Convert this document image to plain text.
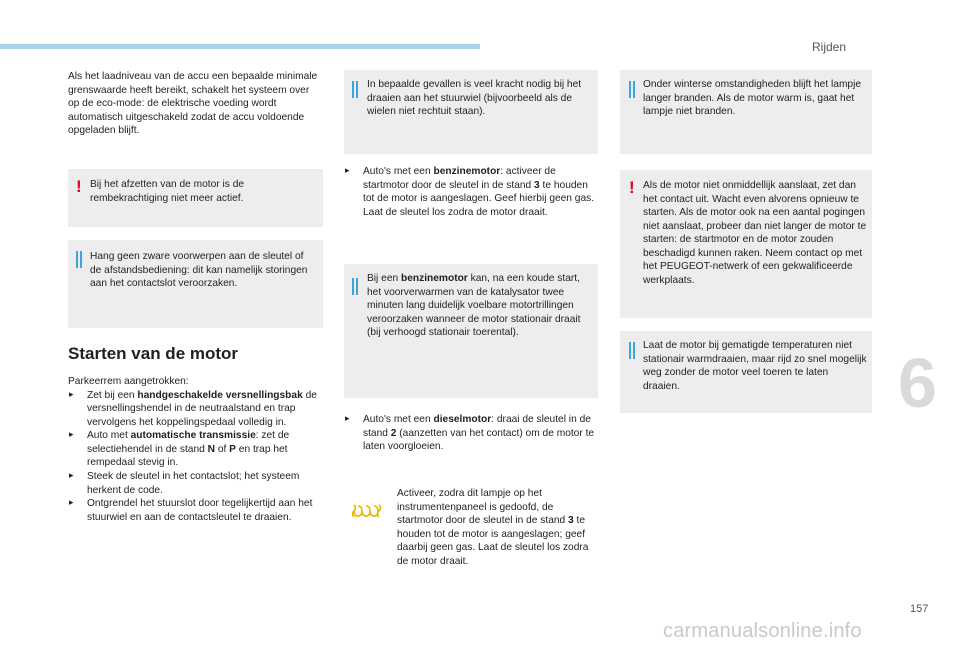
Rijden
6
157
carmanualsonline.info
Als het laadniveau van de accu een bepaalde minimale grenswaarde heeft bereikt, schakelt het systeem over op de eco-mode: de elektrische voeding wordt automatisch uitgeschakeld zodat de accu voldoende opgeladen blijft.
! Bij het afzetten van de motor is de rembekrachtiging niet meer actief.
Hang geen zware voorwerpen aan de sleutel of de afstandsbediening: dit kan namelijk storingen aan het contactslot veroorzaken.
Starten van de motor
Parkeerrem aangetrokken:
▸ Zet bij een handgeschakelde versnellingsbak de versnellingshendel in de neutraalstand en trap vervolgens het koppelingspedaal volledig in.
▸ Auto met automatische transmissie: zet de selectiehendel in de stand N of P en trap het rempedaal stevig in.
▸ Steek de sleutel in het contactslot; het systeem herkent de code.
▸ Ontgrendel het stuurslot door tegelijkertijd aan het stuurwiel en aan de contactsleutel te draaien.
In bepaalde gevallen is veel kracht nodig bij het draaien aan het stuurwiel (bijvoorbeeld als de wielen niet rechtuit staan).
▸ Auto's met een benzinemotor: activeer de startmotor door de sleutel in de stand 3 te houden tot de motor is aangeslagen. Geef hierbij geen gas. Laat de sleutel los zodra de motor draait.
Bij een benzinemotor kan, na een koude start, het voorverwarmen van de katalysator twee minuten lang duidelijk voelbare motortrillingen veroorzaken wanneer de motor stationair draait (bij verhoogd stationair toerental).
▸ Auto's met een dieselmotor: draai de sleutel in de stand 2 (aanzetten van het contact) om de motor te laten voorgloeien.
Activeer, zodra dit lampje op het instrumentenpaneel is gedoofd, de startmotor door de sleutel in de stand 3 te houden tot de motor is aangeslagen; geef daarbij geen gas. Laat de sleutel los zodra de motor draait.
Onder winterse omstandigheden blijft het lampje langer branden. Als de motor warm is, gaat het lampje niet branden.
! Als de motor niet onmiddellijk aanslaat, zet dan het contact uit. Wacht even alvorens opnieuw te starten. Als de motor ook na een aantal pogingen niet aanslaat, probeer dan niet langer de motor te starten: de startmotor en de motor zouden beschadigd kunnen raken. Neem contact op met het PEUGEOT-netwerk of een gekwalificeerde werkplaats.
Laat de motor bij gematigde temperaturen niet stationair warmdraaien, maar rijd zo snel mogelijk weg zonder de motor veel toeren te laten draaien.
